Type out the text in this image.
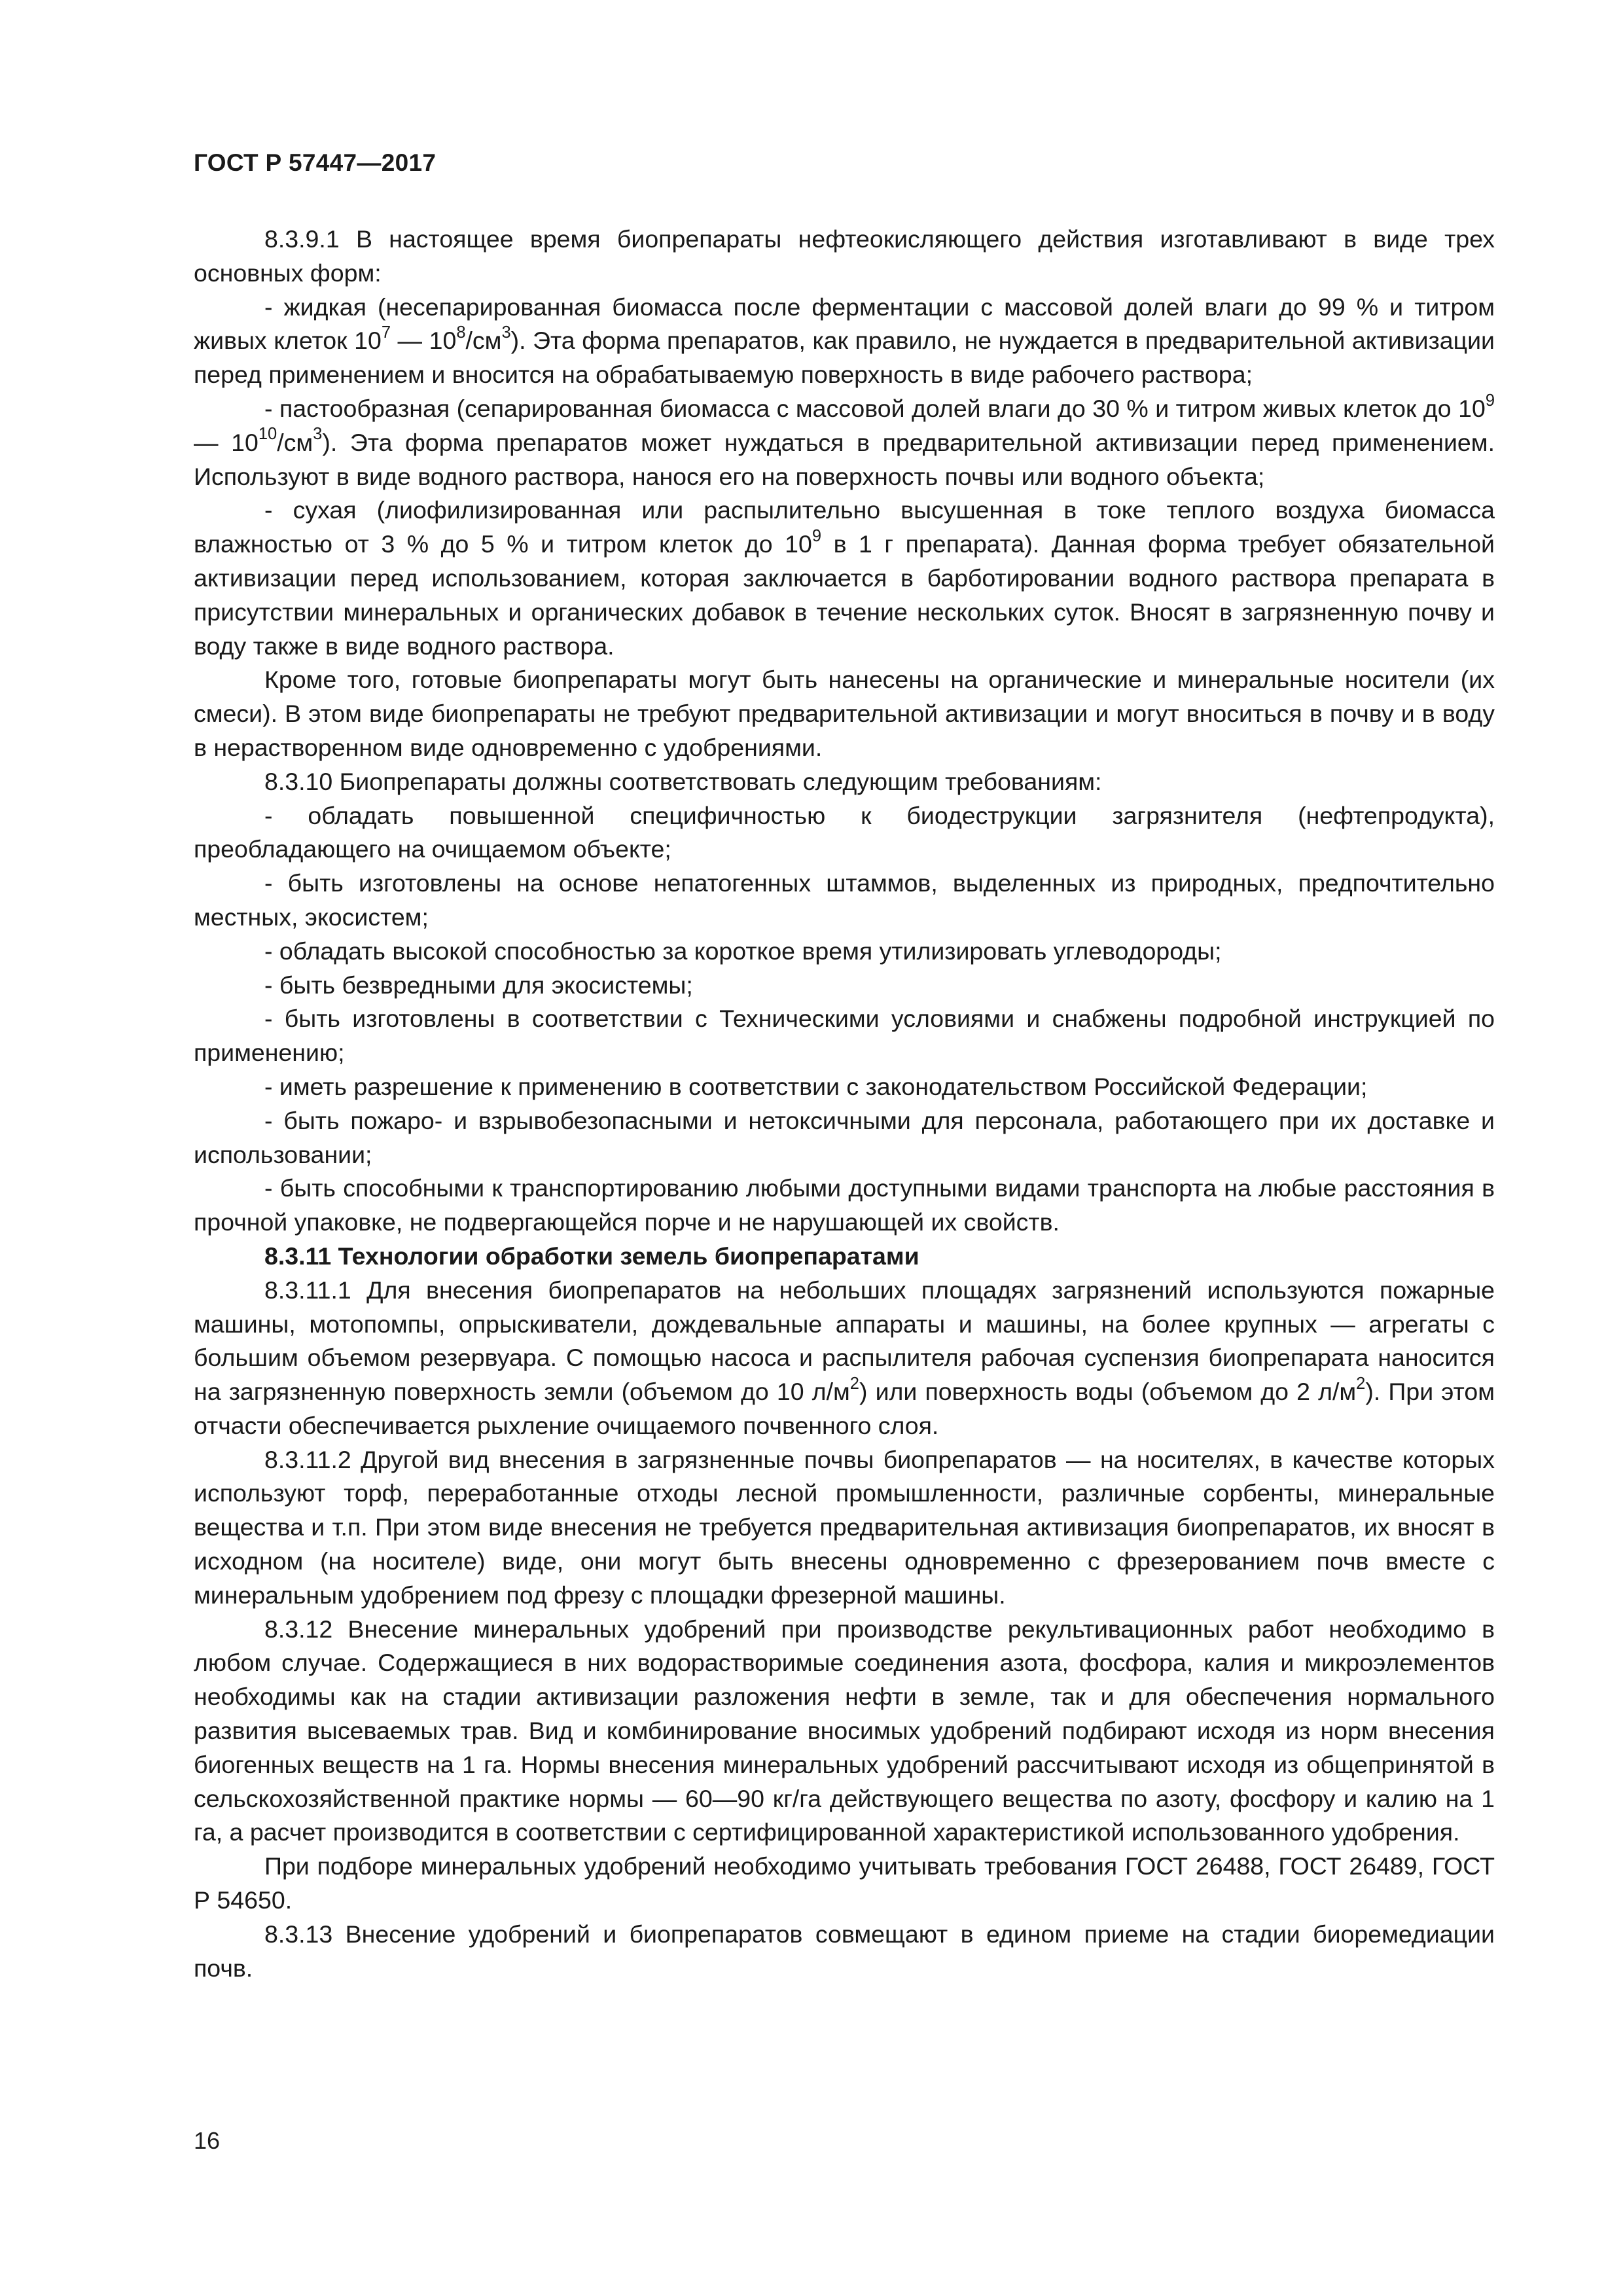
ГОСТ Р 57447—2017

8.3.9.1 В настоящее время биопрепараты нефтеокисляющего действия изготавливают в виде трех основных форм:

- жидкая (несепарированная биомасса после ферментации с массовой долей влаги до 99 % и титром живых клеток $10^7$ — $10^8/см^3$). Эта форма препаратов, как правило, не нуждается в предварительной активизации перед применением и вносится на обрабатываемую поверхность в виде рабочего раствора;

- пастообразная (сепарированная биомасса с массовой долей влаги до 30 % и титром живых клеток до $10^9$ — $10^{10}/см^3$). Эта форма препаратов может нуждаться в предварительной активизации перед применением. Используют в виде водного раствора, нанося его на поверхность почвы или водного объекта;

- сухая (лиофилизированная или распылительно высушенная в токе теплого воздуха биомасса влажностью от 3 % до 5 % и титром клеток до $10^9$ в 1 г препарата). Данная форма требует обязательной активизации перед использованием, которая заключается в барботировании водного раствора препарата в присутствии минеральных и органических добавок в течение нескольких суток. Вносят в загрязненную почву и воду также в виде водного раствора.

Кроме того, готовые биопрепараты могут быть нанесены на органические и минеральные носители (их смеси). В этом виде биопрепараты не требуют предварительной активизации и могут вноситься в почву и в воду в нерастворенном виде одновременно с удобрениями.

8.3.10 Биопрепараты должны соответствовать следующим требованиям:

- обладать повышенной специфичностью к биодеструкции загрязнителя (нефтепродукта), преобладающего на очищаемом объекте;

- быть изготовлены на основе непатогенных штаммов, выделенных из природных, предпочтительно местных, экосистем;

- обладать высокой способностью за короткое время утилизировать углеводороды;

- быть безвредными для экосистемы;

- быть изготовлены в соответствии с Техническими условиями и снабжены подробной инструкцией по применению;

- иметь разрешение к применению в соответствии с законодательством Российской Федерации;

- быть пожаро- и взрывобезопасными и нетоксичными для персонала, работающего при их доставке и использовании;

- быть способными к транспортированию любыми доступными видами транспорта на любые расстояния в прочной упаковке, не подвергающейся порче и не нарушающей их свойств.

8.3.11 Технологии обработки земель биопрепаратами

8.3.11.1 Для внесения биопрепаратов на небольших площадях загрязнений используются пожарные машины, мотопомпы, опрыскиватели, дождевальные аппараты и машины, на более крупных — агрегаты с большим объемом резервуара. С помощью насоса и распылителя рабочая суспензия биопрепарата наносится на загрязненную поверхность земли (объемом до 10 $л/м^2$) или поверхность воды (объемом до 2 $л/м^2$). При этом отчасти обеспечивается рыхление очищаемого почвенного слоя.

8.3.11.2 Другой вид внесения в загрязненные почвы биопрепаратов — на носителях, в качестве которых используют торф, переработанные отходы лесной промышленности, различные сорбенты, минеральные вещества и т.п. При этом виде внесения не требуется предварительная активизация биопрепаратов, их вносят в исходном (на носителе) виде, они могут быть внесены одновременно с фрезерованием почв вместе с минеральным удобрением под фрезу с площадки фрезерной машины.

8.3.12 Внесение минеральных удобрений при производстве рекультивационных работ необходимо в любом случае. Содержащиеся в них водорастворимые соединения азота, фосфора, калия и микроэлементов необходимы как на стадии активизации разложения нефти в земле, так и для обеспечения нормального развития высеваемых трав. Вид и комбинирование вносимых удобрений подбирают исходя из норм внесения биогенных веществ на 1 га. Нормы внесения минеральных удобрений рассчитывают исходя из общепринятой в сельскохозяйственной практике нормы — 60—90 кг/га действующего вещества по азоту, фосфору и калию на 1 га, а расчет производится в соответствии с сертифицированной характеристикой использованного удобрения.

При подборе минеральных удобрений необходимо учитывать требования ГОСТ 26488, ГОСТ 26489, ГОСТ Р 54650.

8.3.13 Внесение удобрений и биопрепаратов совмещают в едином приеме на стадии биоремедиации почв.

16
